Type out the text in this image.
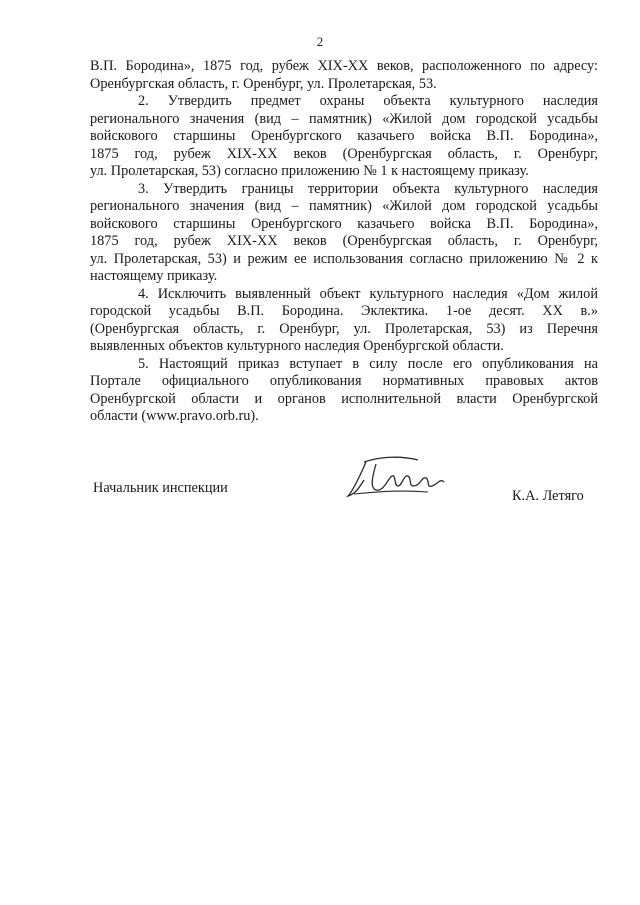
2
В.П. Бородина», 1875 год, рубеж XIX-XX веков, расположенного по адресу:
Оренбургская область, г. Оренбург, ул. Пролетарская, 53.
2. Утвердить предмет охраны объекта культурного наследия
регионального значения (вид – памятник) «Жилой дом городской усадьбы
войскового старшины Оренбургского казачьего войска В.П. Бородина»,
1875 год, рубеж XIX-XX веков (Оренбургская область, г. Оренбург,
ул. Пролетарская, 53) согласно приложению № 1 к настоящему приказу.
3. Утвердить границы территории объекта культурного наследия
регионального значения (вид – памятник) «Жилой дом городской усадьбы
войскового старшины Оренбургского казачьего войска В.П. Бородина»,
1875 год, рубеж XIX-XX веков (Оренбургская область, г. Оренбург,
ул. Пролетарская, 53) и режим ее использования согласно приложению № 2 к
настоящему приказу.
4. Исключить выявленный объект культурного наследия «Дом жилой
городской усадьбы В.П. Бородина. Эклектика. 1-ое десят. XX в.»
(Оренбургская область, г. Оренбург, ул. Пролетарская, 53) из Перечня
выявленных объектов культурного наследия Оренбургской области.
5. Настоящий приказ вступает в силу после его опубликования на
Портале официального опубликования нормативных правовых актов
Оренбургской области и органов исполнительной власти Оренбургской
области (www.pravo.orb.ru).
Начальник инспекции	К.А. Летяго
